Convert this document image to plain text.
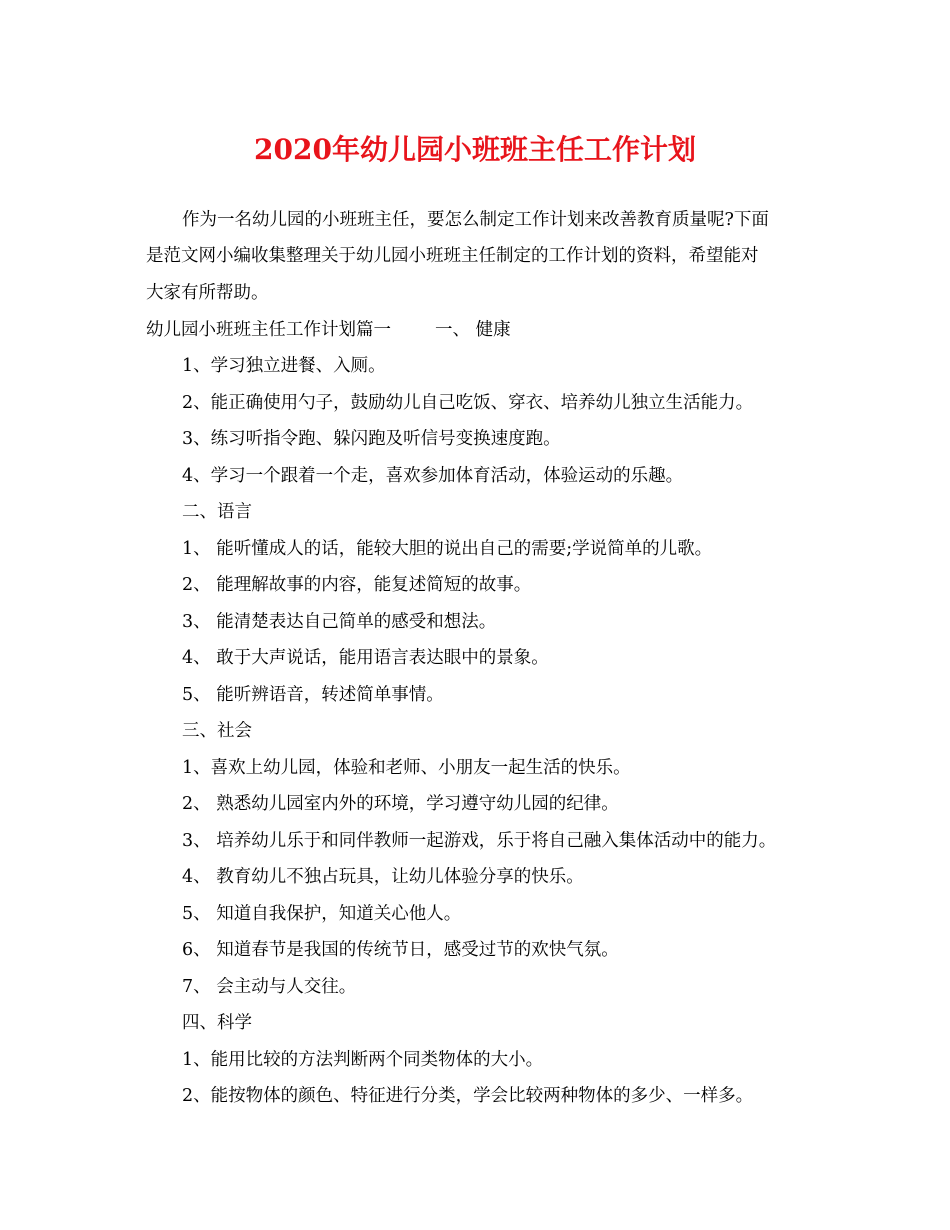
2020年幼儿园小班班主任工作计划
作为一名幼儿园的小班班主任，要怎么制定工作计划来改善教育质量呢?下面
是范文网小编收集整理关于幼儿园小班班主任制定的工作计划的资料，希望能对
大家有所帮助。
幼儿园小班班主任工作计划篇一	一、 健康
1、学习独立进餐、入厕。
2、能正确使用勺子，鼓励幼儿自己吃饭、穿衣、培养幼儿独立生活能力。
3、练习听指令跑、躲闪跑及听信号变换速度跑。
4、学习一个跟着一个走，喜欢参加体育活动，体验运动的乐趣。
二、语言
1、 能听懂成人的话，能较大胆的说出自己的需要;学说简单的儿歌。
2、 能理解故事的内容，能复述简短的故事。
3、 能清楚表达自己简单的感受和想法。
4、 敢于大声说话，能用语言表达眼中的景象。
5、 能听辨语音，转述简单事情。
三、社会
1、喜欢上幼儿园，体验和老师、小朋友一起生活的快乐。
2、 熟悉幼儿园室内外的环境，学习遵守幼儿园的纪律。
3、 培养幼儿乐于和同伴教师一起游戏，乐于将自己融入集体活动中的能力。
4、 教育幼儿不独占玩具，让幼儿体验分享的快乐。
5、 知道自我保护，知道关心他人。
6、 知道春节是我国的传统节日，感受过节的欢快气氛。
7、 会主动与人交往。
四、科学
1、能用比较的方法判断两个同类物体的大小。
2、能按物体的颜色、特征进行分类，学会比较两种物体的多少、一样多。
